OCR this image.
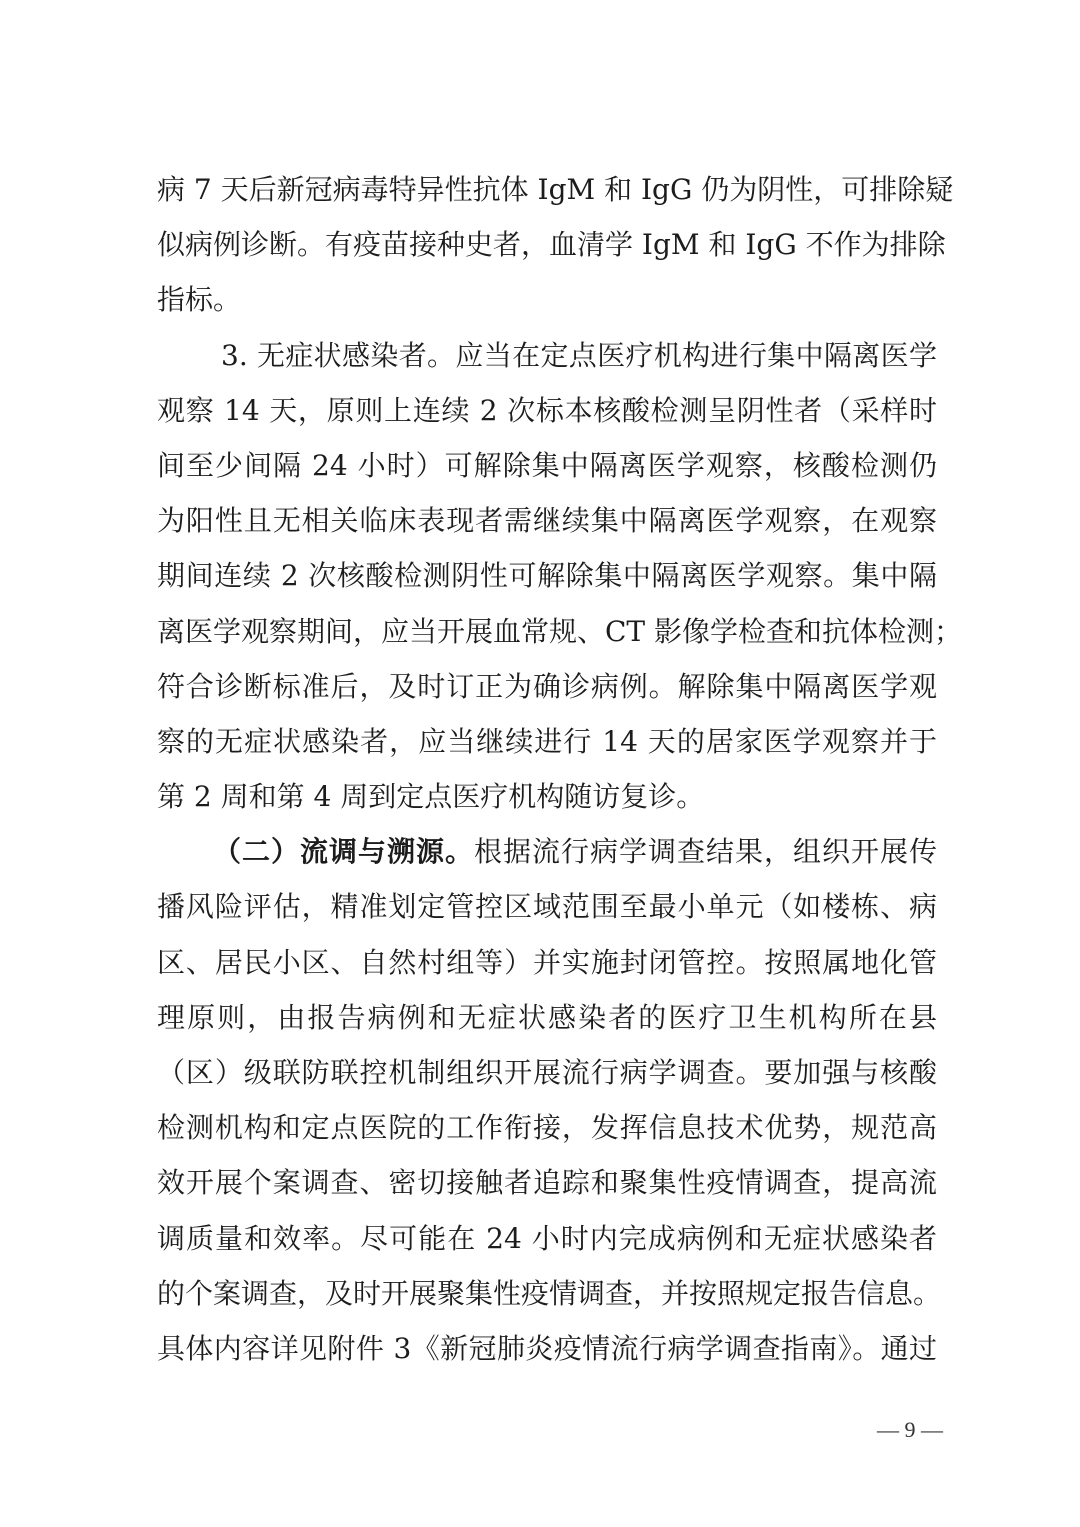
病 7 天后新冠病毒特异性抗体 IgM 和 IgG 仍为阴性，可排除疑
似病例诊断。有疫苗接种史者，血清学 IgM 和 IgG 不作为排除
指标。
3. 无症状感染者。应当在定点医疗机构进行集中隔离医学
观察 14 天，原则上连续 2 次标本核酸检测呈阴性者（采样时
间至少间隔 24 小时）可解除集中隔离医学观察，核酸检测仍
为阳性且无相关临床表现者需继续集中隔离医学观察，在观察
期间连续 2 次核酸检测阴性可解除集中隔离医学观察。集中隔
离医学观察期间，应当开展血常规、CT 影像学检查和抗体检测；
符合诊断标准后，及时订正为确诊病例。解除集中隔离医学观
察的无症状感染者，应当继续进行 14 天的居家医学观察并于
第 2 周和第 4 周到定点医疗机构随访复诊。
（二）流调与溯源。根据流行病学调查结果，组织开展传
播风险评估，精准划定管控区域范围至最小单元（如楼栋、病
区、居民小区、自然村组等）并实施封闭管控。按照属地化管
理原则，由报告病例和无症状感染者的医疗卫生机构所在县
（区）级联防联控机制组织开展流行病学调查。要加强与核酸
检测机构和定点医院的工作衔接，发挥信息技术优势，规范高
效开展个案调查、密切接触者追踪和聚集性疫情调查，提高流
调质量和效率。尽可能在 24 小时内完成病例和无症状感染者
的个案调查，及时开展聚集性疫情调查，并按照规定报告信息。
具体内容详见附件 3《新冠肺炎疫情流行病学调查指南》。通过
— 9 —
